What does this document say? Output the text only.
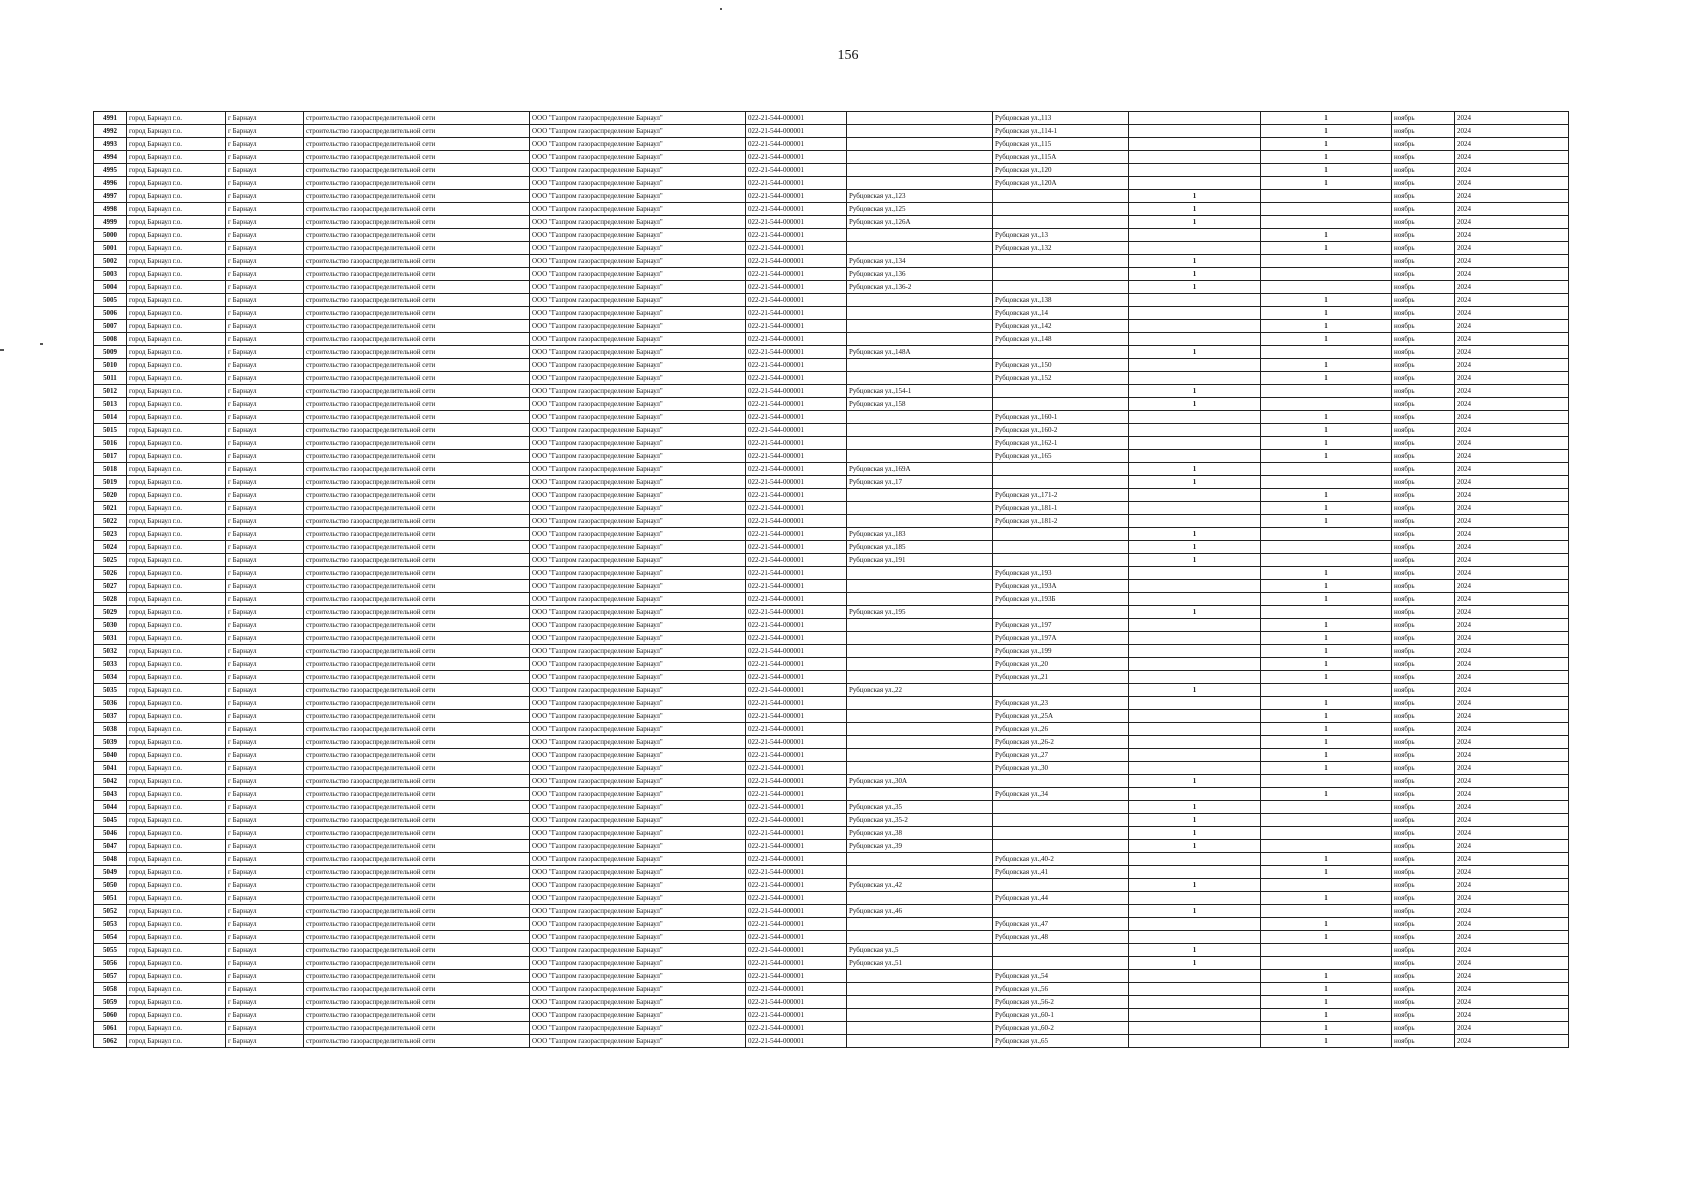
156
4991	город Барнаул г.о.	г Барнаул	строительство газораспределительной сети	ООО "Газпром газораспределение Барнаул"	022-21-544-000001		Рубцовская ул.,113		1	ноябрь	2024
4992	город Барнаул г.о.	г Барнаул	строительство газораспределительной сети	ООО "Газпром газораспределение Барнаул"	022-21-544-000001		Рубцовская ул.,114-1		1	ноябрь	2024
4993	город Барнаул г.о.	г Барнаул	строительство газораспределительной сети	ООО "Газпром газораспределение Барнаул"	022-21-544-000001		Рубцовская ул.,115		1	ноябрь	2024
4994	город Барнаул г.о.	г Барнаул	строительство газораспределительной сети	ООО "Газпром газораспределение Барнаул"	022-21-544-000001		Рубцовская ул.,115А		1	ноябрь	2024
4995	город Барнаул г.о.	г Барнаул	строительство газораспределительной сети	ООО "Газпром газораспределение Барнаул"	022-21-544-000001		Рубцовская ул.,120		1	ноябрь	2024
4996	город Барнаул г.о.	г Барнаул	строительство газораспределительной сети	ООО "Газпром газораспределение Барнаул"	022-21-544-000001		Рубцовская ул.,120А		1	ноябрь	2024
4997	город Барнаул г.о.	г Барнаул	строительство газораспределительной сети	ООО "Газпром газораспределение Барнаул"	022-21-544-000001	Рубцовская ул.,123		1		ноябрь	2024
4998	город Барнаул г.о.	г Барнаул	строительство газораспределительной сети	ООО "Газпром газораспределение Барнаул"	022-21-544-000001	Рубцовская ул.,125		1		ноябрь	2024
4999	город Барнаул г.о.	г Барнаул	строительство газораспределительной сети	ООО "Газпром газораспределение Барнаул"	022-21-544-000001	Рубцовская ул.,126А		1		ноябрь	2024
5000	город Барнаул г.о.	г Барнаул	строительство газораспределительной сети	ООО "Газпром газораспределение Барнаул"	022-21-544-000001		Рубцовская ул.,13		1	ноябрь	2024
5001	город Барнаул г.о.	г Барнаул	строительство газораспределительной сети	ООО "Газпром газораспределение Барнаул"	022-21-544-000001		Рубцовская ул.,132		1	ноябрь	2024
5002	город Барнаул г.о.	г Барнаул	строительство газораспределительной сети	ООО "Газпром газораспределение Барнаул"	022-21-544-000001	Рубцовская ул.,134		1		ноябрь	2024
5003	город Барнаул г.о.	г Барнаул	строительство газораспределительной сети	ООО "Газпром газораспределение Барнаул"	022-21-544-000001	Рубцовская ул.,136		1		ноябрь	2024
5004	город Барнаул г.о.	г Барнаул	строительство газораспределительной сети	ООО "Газпром газораспределение Барнаул"	022-21-544-000001	Рубцовская ул.,136-2		1		ноябрь	2024
5005	город Барнаул г.о.	г Барнаул	строительство газораспределительной сети	ООО "Газпром газораспределение Барнаул"	022-21-544-000001		Рубцовская ул.,138		1	ноябрь	2024
5006	город Барнаул г.о.	г Барнаул	строительство газораспределительной сети	ООО "Газпром газораспределение Барнаул"	022-21-544-000001		Рубцовская ул.,14		1	ноябрь	2024
5007	город Барнаул г.о.	г Барнаул	строительство газораспределительной сети	ООО "Газпром газораспределение Барнаул"	022-21-544-000001		Рубцовская ул.,142		1	ноябрь	2024
5008	город Барнаул г.о.	г Барнаул	строительство газораспределительной сети	ООО "Газпром газораспределение Барнаул"	022-21-544-000001		Рубцовская ул.,148		1	ноябрь	2024
5009	город Барнаул г.о.	г Барнаул	строительство газораспределительной сети	ООО "Газпром газораспределение Барнаул"	022-21-544-000001	Рубцовская ул.,148А		1		ноябрь	2024
5010	город Барнаул г.о.	г Барнаул	строительство газораспределительной сети	ООО "Газпром газораспределение Барнаул"	022-21-544-000001		Рубцовская ул.,150		1	ноябрь	2024
5011	город Барнаул г.о.	г Барнаул	строительство газораспределительной сети	ООО "Газпром газораспределение Барнаул"	022-21-544-000001		Рубцовская ул.,152		1	ноябрь	2024
5012	город Барнаул г.о.	г Барнаул	строительство газораспределительной сети	ООО "Газпром газораспределение Барнаул"	022-21-544-000001	Рубцовская ул.,154-1		1		ноябрь	2024
5013	город Барнаул г.о.	г Барнаул	строительство газораспределительной сети	ООО "Газпром газораспределение Барнаул"	022-21-544-000001	Рубцовская ул.,158		1		ноябрь	2024
5014	город Барнаул г.о.	г Барнаул	строительство газораспределительной сети	ООО "Газпром газораспределение Барнаул"	022-21-544-000001		Рубцовская ул.,160-1		1	ноябрь	2024
5015	город Барнаул г.о.	г Барнаул	строительство газораспределительной сети	ООО "Газпром газораспределение Барнаул"	022-21-544-000001		Рубцовская ул.,160-2		1	ноябрь	2024
5016	город Барнаул г.о.	г Барнаул	строительство газораспределительной сети	ООО "Газпром газораспределение Барнаул"	022-21-544-000001		Рубцовская ул.,162-1		1	ноябрь	2024
5017	город Барнаул г.о.	г Барнаул	строительство газораспределительной сети	ООО "Газпром газораспределение Барнаул"	022-21-544-000001		Рубцовская ул.,165		1	ноябрь	2024
5018	город Барнаул г.о.	г Барнаул	строительство газораспределительной сети	ООО "Газпром газораспределение Барнаул"	022-21-544-000001	Рубцовская ул.,169А		1		ноябрь	2024
5019	город Барнаул г.о.	г Барнаул	строительство газораспределительной сети	ООО "Газпром газораспределение Барнаул"	022-21-544-000001	Рубцовская ул.,17		1		ноябрь	2024
5020	город Барнаул г.о.	г Барнаул	строительство газораспределительной сети	ООО "Газпром газораспределение Барнаул"	022-21-544-000001		Рубцовская ул.,171-2		1	ноябрь	2024
5021	город Барнаул г.о.	г Барнаул	строительство газораспределительной сети	ООО "Газпром газораспределение Барнаул"	022-21-544-000001		Рубцовская ул.,181-1		1	ноябрь	2024
5022	город Барнаул г.о.	г Барнаул	строительство газораспределительной сети	ООО "Газпром газораспределение Барнаул"	022-21-544-000001		Рубцовская ул.,181-2		1	ноябрь	2024
5023	город Барнаул г.о.	г Барнаул	строительство газораспределительной сети	ООО "Газпром газораспределение Барнаул"	022-21-544-000001	Рубцовская ул.,183		1		ноябрь	2024
5024	город Барнаул г.о.	г Барнаул	строительство газораспределительной сети	ООО "Газпром газораспределение Барнаул"	022-21-544-000001	Рубцовская ул.,185		1		ноябрь	2024
5025	город Барнаул г.о.	г Барнаул	строительство газораспределительной сети	ООО "Газпром газораспределение Барнаул"	022-21-544-000001	Рубцовская ул.,191		1		ноябрь	2024
5026	город Барнаул г.о.	г Барнаул	строительство газораспределительной сети	ООО "Газпром газораспределение Барнаул"	022-21-544-000001		Рубцовская ул.,193		1	ноябрь	2024
5027	город Барнаул г.о.	г Барнаул	строительство газораспределительной сети	ООО "Газпром газораспределение Барнаул"	022-21-544-000001		Рубцовская ул.,193А		1	ноябрь	2024
5028	город Барнаул г.о.	г Барнаул	строительство газораспределительной сети	ООО "Газпром газораспределение Барнаул"	022-21-544-000001		Рубцовская ул.,193Б		1	ноябрь	2024
5029	город Барнаул г.о.	г Барнаул	строительство газораспределительной сети	ООО "Газпром газораспределение Барнаул"	022-21-544-000001	Рубцовская ул.,195		1		ноябрь	2024
5030	город Барнаул г.о.	г Барнаул	строительство газораспределительной сети	ООО "Газпром газораспределение Барнаул"	022-21-544-000001		Рубцовская ул.,197		1	ноябрь	2024
5031	город Барнаул г.о.	г Барнаул	строительство газораспределительной сети	ООО "Газпром газораспределение Барнаул"	022-21-544-000001		Рубцовская ул.,197А		1	ноябрь	2024
5032	город Барнаул г.о.	г Барнаул	строительство газораспределительной сети	ООО "Газпром газораспределение Барнаул"	022-21-544-000001		Рубцовская ул.,199		1	ноябрь	2024
5033	город Барнаул г.о.	г Барнаул	строительство газораспределительной сети	ООО "Газпром газораспределение Барнаул"	022-21-544-000001		Рубцовская ул.,20		1	ноябрь	2024
5034	город Барнаул г.о.	г Барнаул	строительство газораспределительной сети	ООО "Газпром газораспределение Барнаул"	022-21-544-000001		Рубцовская ул.,21		1	ноябрь	2024
5035	город Барнаул г.о.	г Барнаул	строительство газораспределительной сети	ООО "Газпром газораспределение Барнаул"	022-21-544-000001	Рубцовская ул.,22		1		ноябрь	2024
5036	город Барнаул г.о.	г Барнаул	строительство газораспределительной сети	ООО "Газпром газораспределение Барнаул"	022-21-544-000001		Рубцовская ул.,23		1	ноябрь	2024
5037	город Барнаул г.о.	г Барнаул	строительство газораспределительной сети	ООО "Газпром газораспределение Барнаул"	022-21-544-000001		Рубцовская ул.,25А		1	ноябрь	2024
5038	город Барнаул г.о.	г Барнаул	строительство газораспределительной сети	ООО "Газпром газораспределение Барнаул"	022-21-544-000001		Рубцовская ул.,26		1	ноябрь	2024
5039	город Барнаул г.о.	г Барнаул	строительство газораспределительной сети	ООО "Газпром газораспределение Барнаул"	022-21-544-000001		Рубцовская ул.,26-2		1	ноябрь	2024
5040	город Барнаул г.о.	г Барнаул	строительство газораспределительной сети	ООО "Газпром газораспределение Барнаул"	022-21-544-000001		Рубцовская ул.,27		1	ноябрь	2024
5041	город Барнаул г.о.	г Барнаул	строительство газораспределительной сети	ООО "Газпром газораспределение Барнаул"	022-21-544-000001		Рубцовская ул.,30		1	ноябрь	2024
5042	город Барнаул г.о.	г Барнаул	строительство газораспределительной сети	ООО "Газпром газораспределение Барнаул"	022-21-544-000001	Рубцовская ул.,30А		1		ноябрь	2024
5043	город Барнаул г.о.	г Барнаул	строительство газораспределительной сети	ООО "Газпром газораспределение Барнаул"	022-21-544-000001		Рубцовская ул.,34		1	ноябрь	2024
5044	город Барнаул г.о.	г Барнаул	строительство газораспределительной сети	ООО "Газпром газораспределение Барнаул"	022-21-544-000001	Рубцовская ул.,35		1		ноябрь	2024
5045	город Барнаул г.о.	г Барнаул	строительство газораспределительной сети	ООО "Газпром газораспределение Барнаул"	022-21-544-000001	Рубцовская ул.,35-2		1		ноябрь	2024
5046	город Барнаул г.о.	г Барнаул	строительство газораспределительной сети	ООО "Газпром газораспределение Барнаул"	022-21-544-000001	Рубцовская ул.,38		1		ноябрь	2024
5047	город Барнаул г.о.	г Барнаул	строительство газораспределительной сети	ООО "Газпром газораспределение Барнаул"	022-21-544-000001	Рубцовская ул.,39		1		ноябрь	2024
5048	город Барнаул г.о.	г Барнаул	строительство газораспределительной сети	ООО "Газпром газораспределение Барнаул"	022-21-544-000001		Рубцовская ул.,40-2		1	ноябрь	2024
5049	город Барнаул г.о.	г Барнаул	строительство газораспределительной сети	ООО "Газпром газораспределение Барнаул"	022-21-544-000001		Рубцовская ул.,41		1	ноябрь	2024
5050	город Барнаул г.о.	г Барнаул	строительство газораспределительной сети	ООО "Газпром газораспределение Барнаул"	022-21-544-000001	Рубцовская ул.,42		1		ноябрь	2024
5051	город Барнаул г.о.	г Барнаул	строительство газораспределительной сети	ООО "Газпром газораспределение Барнаул"	022-21-544-000001		Рубцовская ул.,44		1	ноябрь	2024
5052	город Барнаул г.о.	г Барнаул	строительство газораспределительной сети	ООО "Газпром газораспределение Барнаул"	022-21-544-000001	Рубцовская ул.,46		1		ноябрь	2024
5053	город Барнаул г.о.	г Барнаул	строительство газораспределительной сети	ООО "Газпром газораспределение Барнаул"	022-21-544-000001		Рубцовская ул.,47		1	ноябрь	2024
5054	город Барнаул г.о.	г Барнаул	строительство газораспределительной сети	ООО "Газпром газораспределение Барнаул"	022-21-544-000001		Рубцовская ул.,48		1	ноябрь	2024
5055	город Барнаул г.о.	г Барнаул	строительство газораспределительной сети	ООО "Газпром газораспределение Барнаул"	022-21-544-000001	Рубцовская ул.,5		1		ноябрь	2024
5056	город Барнаул г.о.	г Барнаул	строительство газораспределительной сети	ООО "Газпром газораспределение Барнаул"	022-21-544-000001	Рубцовская ул.,51		1		ноябрь	2024
5057	город Барнаул г.о.	г Барнаул	строительство газораспределительной сети	ООО "Газпром газораспределение Барнаул"	022-21-544-000001		Рубцовская ул.,54		1	ноябрь	2024
5058	город Барнаул г.о.	г Барнаул	строительство газораспределительной сети	ООО "Газпром газораспределение Барнаул"	022-21-544-000001		Рубцовская ул.,56		1	ноябрь	2024
5059	город Барнаул г.о.	г Барнаул	строительство газораспределительной сети	ООО "Газпром газораспределение Барнаул"	022-21-544-000001		Рубцовская ул.,56-2		1	ноябрь	2024
5060	город Барнаул г.о.	г Барнаул	строительство газораспределительной сети	ООО "Газпром газораспределение Барнаул"	022-21-544-000001		Рубцовская ул.,60-1		1	ноябрь	2024
5061	город Барнаул г.о.	г Барнаул	строительство газораспределительной сети	ООО "Газпром газораспределение Барнаул"	022-21-544-000001		Рубцовская ул.,60-2		1	ноябрь	2024
5062	город Барнаул г.о.	г Барнаул	строительство газораспределительной сети	ООО "Газпром газораспределение Барнаул"	022-21-544-000001		Рубцовская ул.,65		1	ноябрь	2024
